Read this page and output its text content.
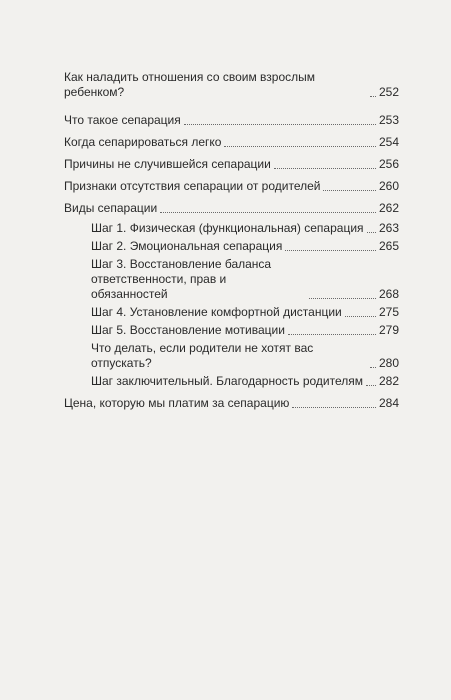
Как наладить отношения со своим взрослым ребенком?	252
Что такое сепарация	253
Когда сепарироваться легко	254
Причины не случившейся сепарации	256
Признаки отсутствия сепарации от родителей	260
Виды сепарации	262
Шаг 1. Физическая (функциональная) сепарация 263
Шаг 2. Эмоциональная сепарация	265
Шаг 3. Восстановление баланса ответственности, прав и обязанностей	268
Шаг 4. Установление комфортной дистанции	275
Шаг 5. Восстановление мотивации	279
Что делать, если родители не хотят вас отпускать?	280
Шаг заключительный. Благодарность родителям 282
Цена, которую мы платим за сепарацию	284
